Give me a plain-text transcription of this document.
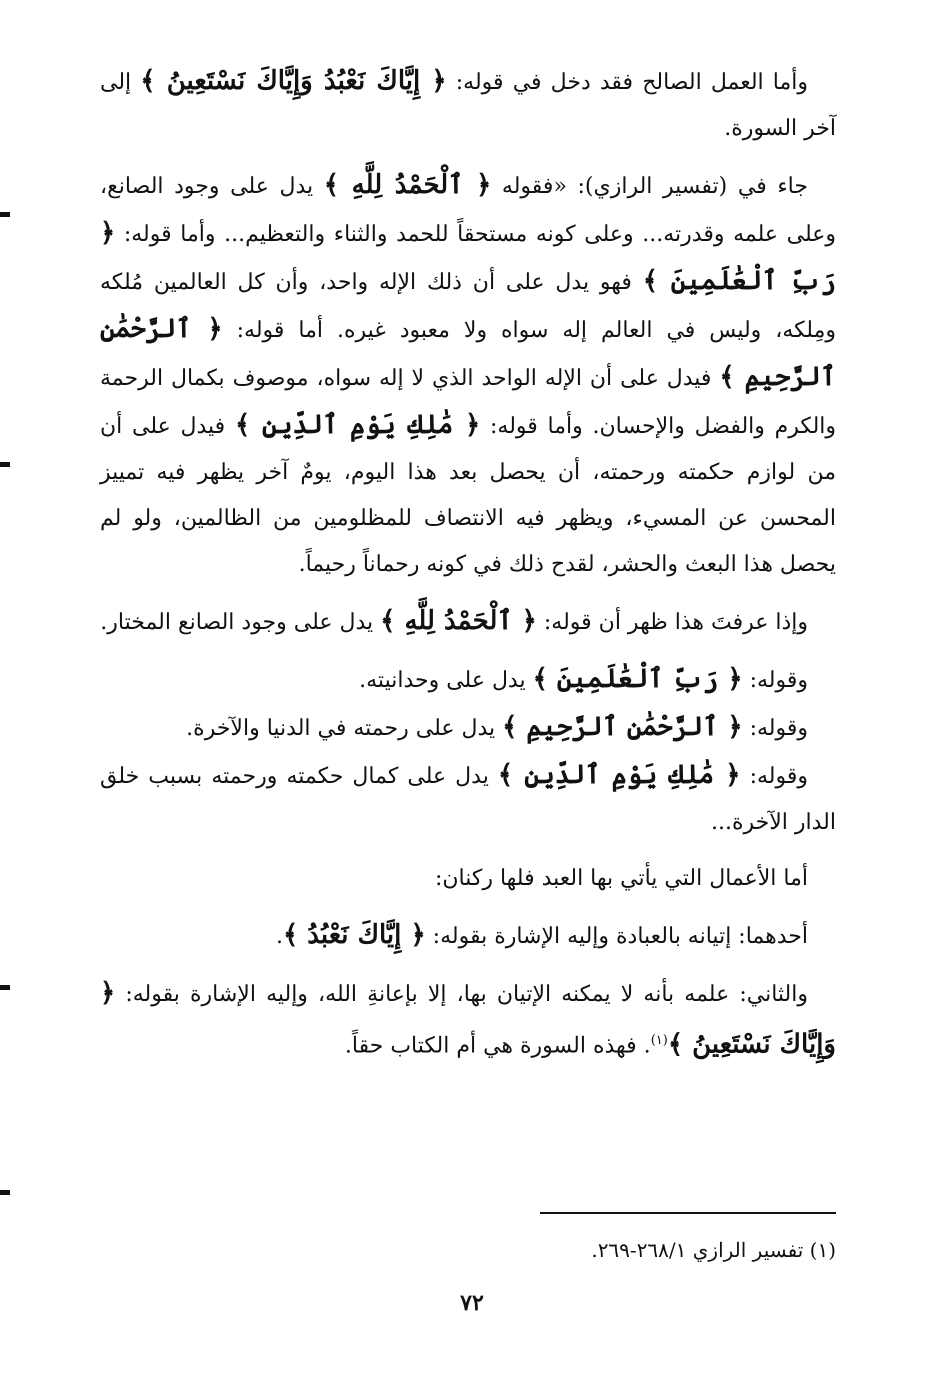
وأما العمل الصالح فقد دخل في قوله: ﴿ إِيَّاكَ نَعْبُدُ وَإِيَّاكَ نَسْتَعِينُ ﴾ إلى آخر السورة.

جاء في (تفسير الرازي): «فقوله ﴿ ٱلْحَمْدُ لِلَّهِ ﴾ يدل على وجود الصانع، وعلى علمه وقدرته... وعلى كونه مستحقاً للحمد والثناء والتعظيم... وأما قوله: ﴿ رَبِّ ٱلْعَٰلَمِينَ ﴾ فهو يدل على أن ذلك الإله واحد، وأن كل العالمين مُلكه ومِلكه، وليس في العالم إله سواه ولا معبود غيره. أما قوله: ﴿ ٱلرَّحْمَٰنِ ٱلرَّحِيمِ ﴾ فيدل على أن الإله الواحد الذي لا إله سواه، موصوف بكمال الرحمة والكرم والفضل والإحسان. وأما قوله: ﴿ مَٰلِكِ يَوْمِ ٱلدِّينِ ﴾ فيدل على أن من لوازم حكمته ورحمته، أن يحصل بعد هذا اليوم، يومٌ آخر يظهر فيه تمييز المحسن عن المسيء، ويظهر فيه الانتصاف للمظلومين من الظالمين، ولو لم يحصل هذا البعث والحشر، لقدح ذلك في كونه رحماناً رحيماً.

وإذا عرفتَ هذا ظهر أن قوله: ﴿ ٱلْحَمْدُ لِلَّهِ ﴾ يدل على وجود الصانع المختار.

وقوله: ﴿ رَبِّ ٱلْعَٰلَمِينَ ﴾ يدل على وحدانيته.

وقوله: ﴿ ٱلرَّحْمَٰنِ ٱلرَّحِيمِ ﴾ يدل على رحمته في الدنيا والآخرة.

وقوله: ﴿ مَٰلِكِ يَوْمِ ٱلدِّينِ ﴾ يدل على كمال حكمته ورحمته بسبب خلق الدار الآخرة...

أما الأعمال التي يأتي بها العبد فلها ركنان:

أحدهما: إتيانه بالعبادة وإليه الإشارة بقوله: ﴿ إِيَّاكَ نَعْبُدُ ﴾.

والثاني: علمه بأنه لا يمكنه الإتيان بها، إلا بإعانةِ الله، وإليه الإشارة بقوله: ﴿ وَإِيَّاكَ نَسْتَعِينُ ﴾$^{(١)}$. فهذه السورة هي أم الكتاب حقاً.

(١) تفسير الرازي ٢٦٨/١-٢٦٩.
٧٢
